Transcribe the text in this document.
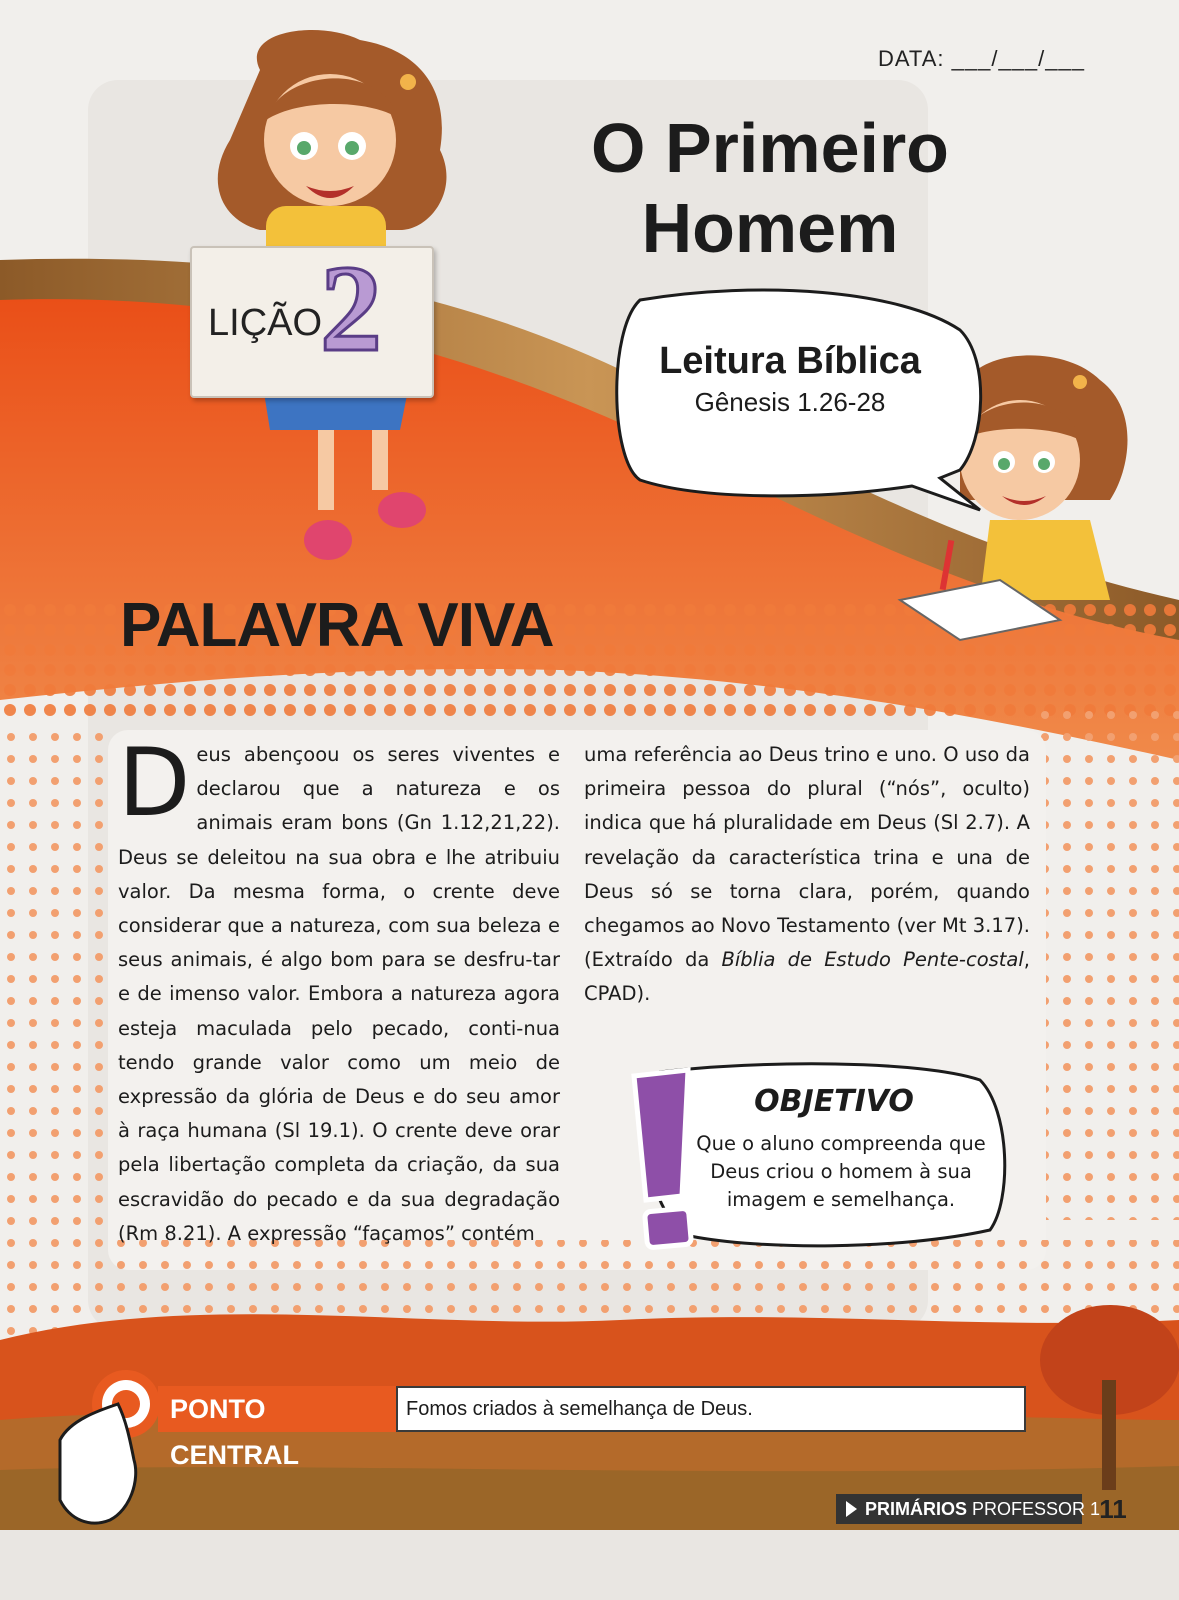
DATA: ___/___/___
O Primeiro
Homem
LIÇÃO
2	Leitura Bíblica
Gênesis 1.26-28
PALAVRA VIVA
Deus abençoou os seres viventes e declarou que a natureza e os animais eram bons (Gn 1.12,21,22). Deus se deleitou na sua obra e lhe atribuiu valor. Da mesma forma, o crente deve considerar que a natureza, com sua beleza e seus animais, é algo bom para se desfru-tar e de imenso valor. Embora a natureza agora esteja maculada pelo pecado, conti-nua tendo grande valor como um meio de expressão da glória de Deus e do seu amor à raça humana (Sl 19.1). O crente deve orar pela libertação completa da criação, da sua escravidão do pecado e da sua degradação (Rm 8.21). A expressão “façamos” contém
uma referência ao Deus trino e uno. O uso da primeira pessoa do plural (“nós”, oculto) indica que há pluralidade em Deus (Sl 2.7). A revelação da característica trina e una de Deus só se torna clara, porém, quando chegamos ao Novo Testamento (ver Mt 3.17). (Extraído da Bíblia de Estudo Pente-costal, CPAD).
OBJETIVO
Que o aluno compreenda que Deus criou o homem à sua imagem e semelhança.
PONTO CENTRAL
Fomos criados à semelhança de Deus.
PRIMÁRIOS PROFESSOR 1 11
